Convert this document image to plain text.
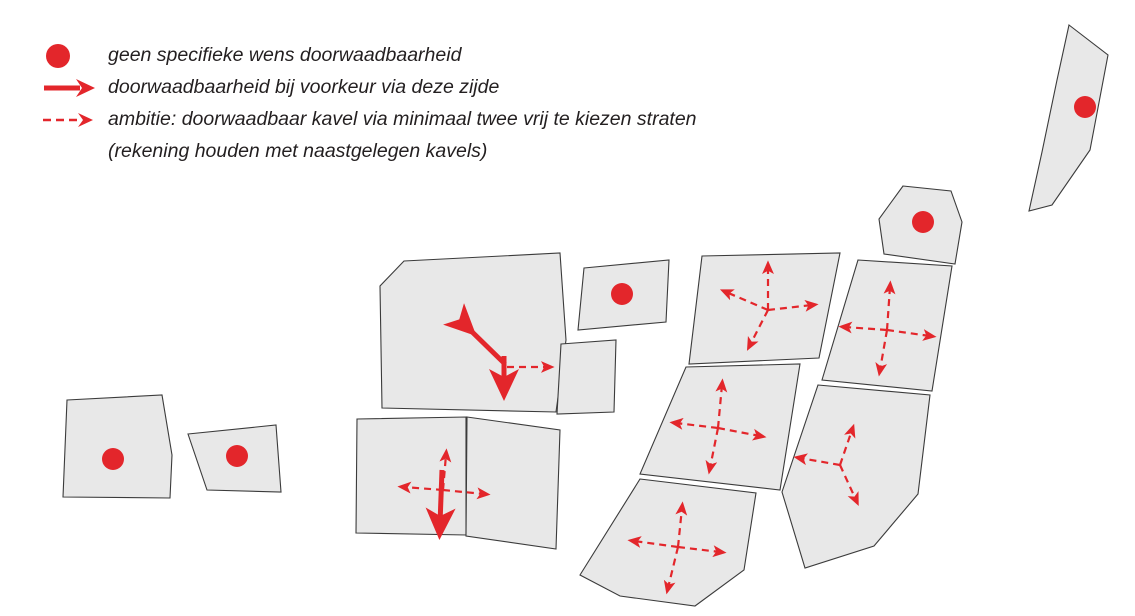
geen specifieke wens doorwaadbaarheid
doorwaadbaarheid bij voorkeur via deze zijde
ambitie: doorwaadbaar kavel via minimaal twee vrij te kiezen straten
(rekening houden met naastgelegen kavels)
